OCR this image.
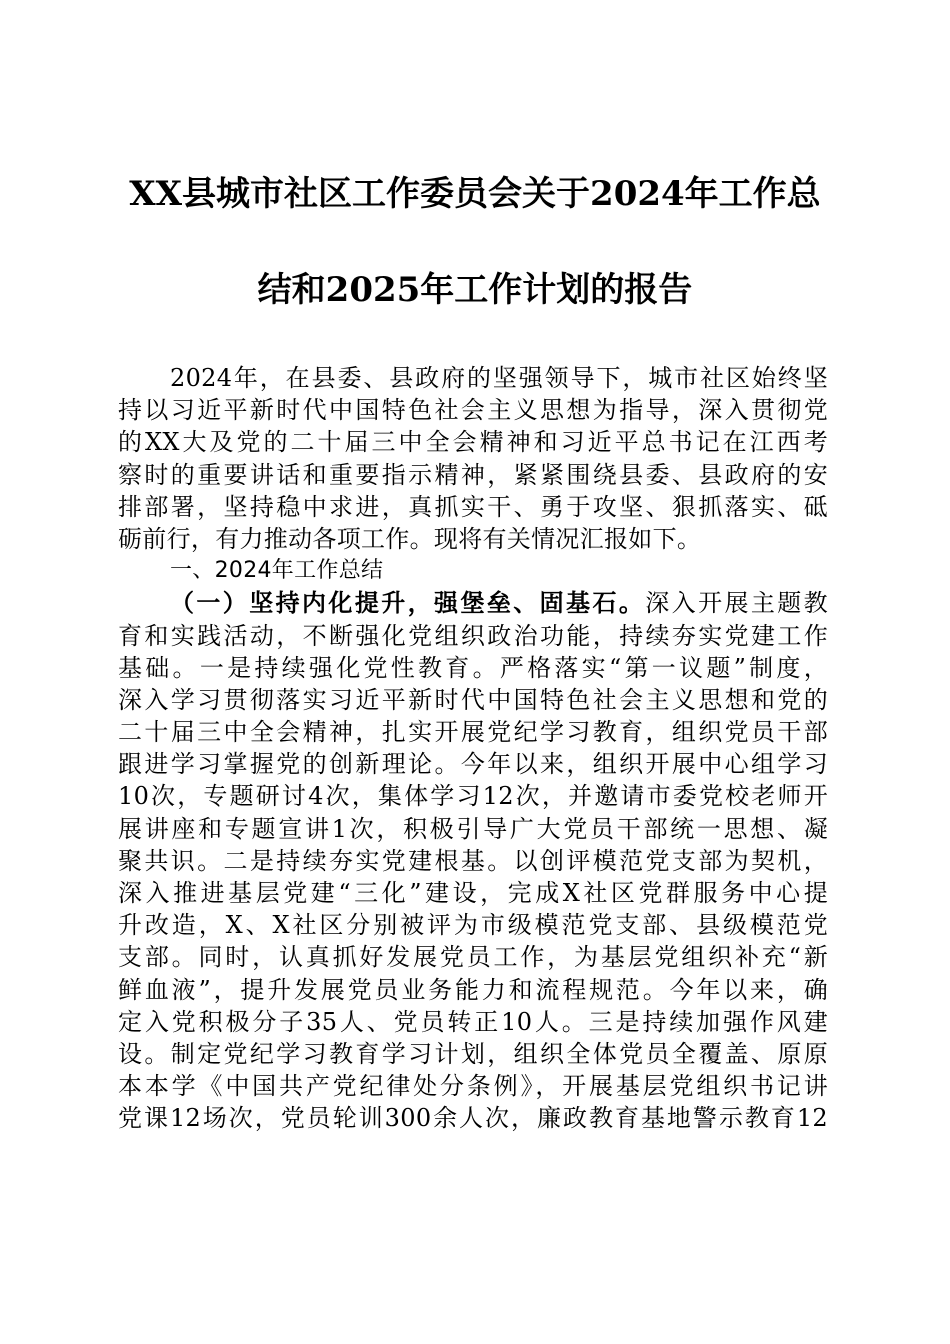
XX县城市社区工作委员会关于2024年工作总
结和2025年工作计划的报告
2024年，在县委、县政府的坚强领导下，城市社区始终坚
持以习近平新时代中国特色社会主义思想为指导，深入贯彻党
的XX大及党的二十届三中全会精神和习近平总书记在江西考
察时的重要讲话和重要指示精神，紧紧围绕县委、县政府的安
排部署，坚持稳中求进，真抓实干、勇于攻坚、狠抓落实、砥
砺前行，有力推动各项工作。现将有关情况汇报如下。
一、2024年工作总结
（一）坚持内化提升，强堡垒、固基石。深入开展主题教
育和实践活动，不断强化党组织政治功能，持续夯实党建工作
基础。一是持续强化党性教育。严格落实“第一议题”制度，
深入学习贯彻落实习近平新时代中国特色社会主义思想和党的
二十届三中全会精神，扎实开展党纪学习教育，组织党员干部
跟进学习掌握党的创新理论。今年以来，组织开展中心组学习
10次，专题研讨4次，集体学习12次，并邀请市委党校老师开
展讲座和专题宣讲1次，积极引导广大党员干部统一思想、凝
聚共识。二是持续夯实党建根基。以创评模范党支部为契机，
深入推进基层党建“三化”建设，完成X社区党群服务中心提
升改造，X、X社区分别被评为市级模范党支部、县级模范党
支部。同时，认真抓好发展党员工作，为基层党组织补充“新
鲜血液”，提升发展党员业务能力和流程规范。今年以来，确
定入党积极分子35人、党员转正10人。三是持续加强作风建
设。制定党纪学习教育学习计划，组织全体党员全覆盖、原原
本本学《中国共产党纪律处分条例》，开展基层党组织书记讲
党课12场次，党员轮训300余人次，廉政教育基地警示教育12
